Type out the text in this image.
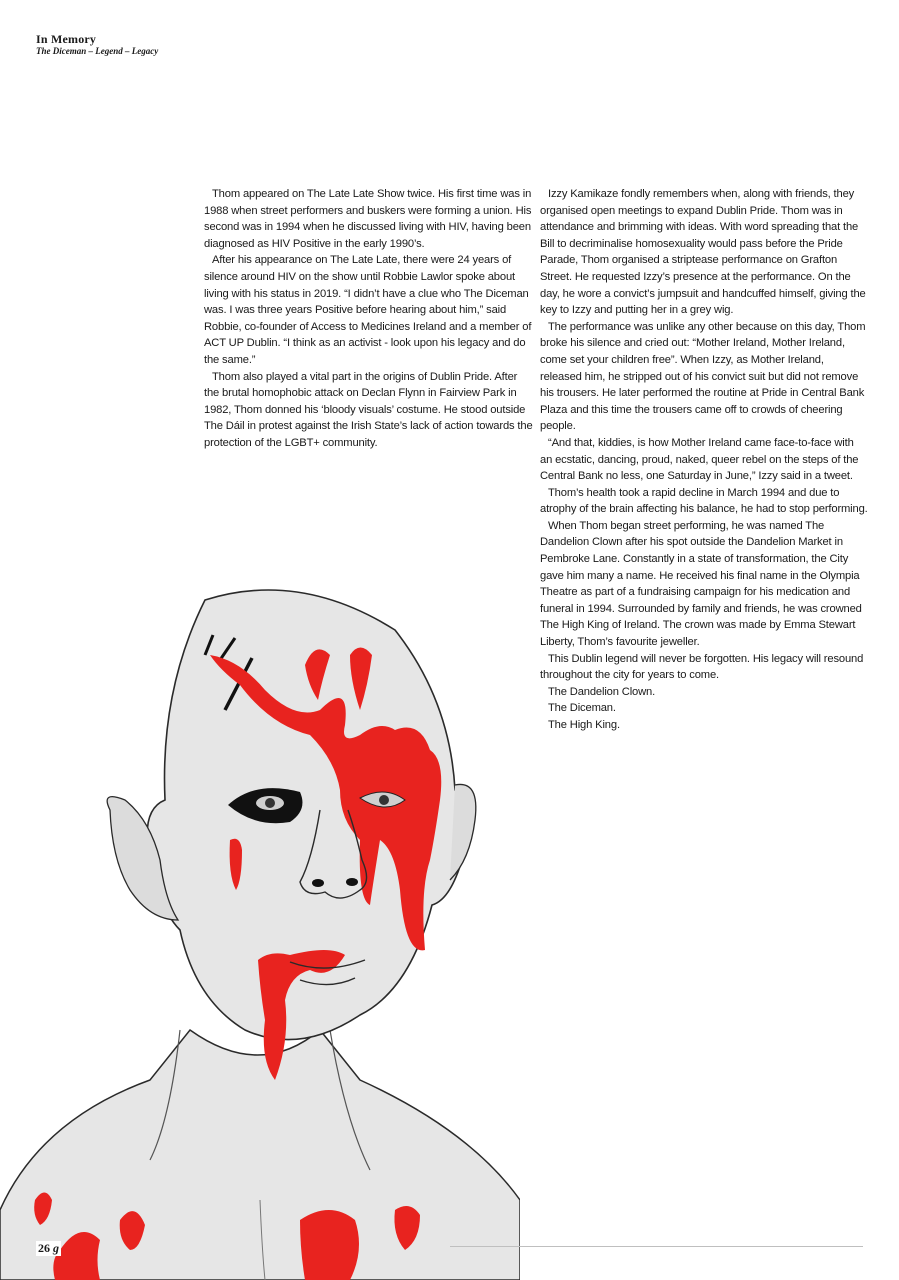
In Memory
The Diceman – Legend – Legacy

Thom appeared on The Late Late Show twice. His first time was in 1988 when street performers and buskers were forming a union. His second was in 1994 when he discussed living with HIV, having been diagnosed as HIV Positive in the early 1990’s.

After his appearance on The Late Late, there were 24 years of silence around HIV on the show until Robbie Lawlor spoke about living with his status in 2019. “I didn’t have a clue who The Diceman was. I was three years Positive before hearing about him,” said Robbie, co-founder of Access to Medicines Ireland and a member of ACT UP Dublin. “I think as an activist - look upon his legacy and do the same.”

Thom also played a vital part in the origins of Dublin Pride. After the brutal homophobic attack on Declan Flynn in Fairview Park in 1982, Thom donned his ‘bloody visuals’ costume. He stood outside The Dáil in protest against the Irish State’s lack of action towards the protection of the LGBT+ community.

Izzy Kamikaze fondly remembers when, along with friends, they organised open meetings to expand Dublin Pride. Thom was in attendance and brimming with ideas. With word spreading that the Bill to decriminalise homosexuality would pass before the Pride Parade, Thom organised a striptease performance on Grafton Street. He requested Izzy’s presence at the performance. On the day, he wore a convict’s jumpsuit and handcuffed himself, giving the key to Izzy and putting her in a grey wig.

The performance was unlike any other because on this day, Thom broke his silence and cried out: “Mother Ireland, Mother Ireland, come set your children free”. When Izzy, as Mother Ireland, released him, he stripped out of his convict suit but did not remove his trousers. He later performed the routine at Pride in Central Bank Plaza and this time the trousers came off to crowds of cheering people.

“And that, kiddies, is how Mother Ireland came face-to-face with an ecstatic, dancing, proud, naked, queer rebel on the steps of the Central Bank no less, one Saturday in June,” Izzy said in a tweet.

Thom’s health took a rapid decline in March 1994 and due to atrophy of the brain affecting his balance, he had to stop performing.

When Thom began street performing, he was named The Dandelion Clown after his spot outside the Dandelion Market in Pembroke Lane. Constantly in a state of transformation, the City gave him many a name. He received his final name in the Olympia Theatre as part of a fundraising campaign for his medication and funeral in 1994. Surrounded by family and friends, he was crowned The High King of Ireland. The crown was made by Emma Stewart Liberty, Thom’s favourite jeweller.

This Dublin legend will never be forgotten. His legacy will resound throughout the city for years to come.

The Dandelion Clown.

The Diceman.

The High King.

26 g
